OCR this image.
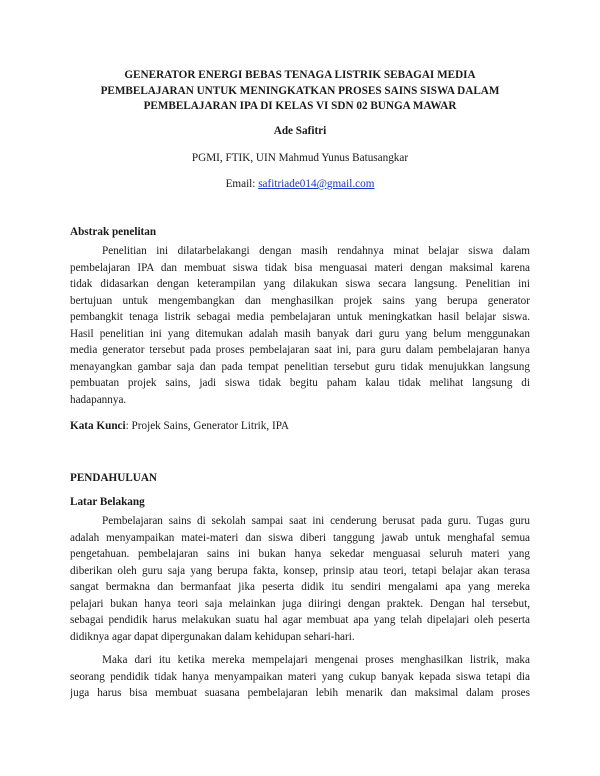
GENERATOR ENERGI BEBAS TENAGA LISTRIK SEBAGAI MEDIA
PEMBELAJARAN UNTUK MENINGKATKAN PROSES SAINS SISWA DALAM
PEMBELAJARAN IPA DI KELAS VI SDN 02 BUNGA MAWAR
Ade Safitri
PGMI, FTIK, UIN Mahmud Yunus Batusangkar
Email: safitriade014@gmail.com
Abstrak penelitan
Penelitian ini dilatarbelakangi dengan masih rendahnya minat belajar siswa dalam
pembelajaran IPA dan membuat siswa tidak bisa menguasai materi dengan maksimal karena
tidak didasarkan dengan keterampilan yang dilakukan siswa secara langsung. Penelitian ini
bertujuan untuk mengembangkan dan menghasilkan projek sains yang berupa generator
pembangkit tenaga listrik sebagai media pembelajaran untuk meningkatkan hasil belajar siswa.
Hasil penelitian ini yang ditemukan adalah masih banyak dari guru yang belum menggunakan
media generator tersebut pada proses pembelajaran saat ini, para guru dalam pembelajaran hanya
menayangkan gambar saja dan pada tempat penelitian tersebut guru tidak menujukkan langsung
pembuatan projek sains, jadi siswa tidak begitu paham kalau tidak melihat langsung di
hadapannya.
Kata Kunci: Projek Sains, Generator Litrik, IPA
PENDAHULUAN
Latar Belakang
Pembelajaran sains di sekolah sampai saat ini cenderung berusat pada guru. Tugas guru
adalah menyampaikan matei-materi dan siswa diberi tanggung jawab untuk menghafal semua
pengetahuan. pembelajaran sains ini bukan hanya sekedar menguasai seluruh materi yang
diberikan oleh guru saja yang berupa fakta, konsep, prinsip atau teori, tetapi belajar akan terasa
sangat bermakna dan bermanfaat jika peserta didik itu sendiri mengalami apa yang mereka
pelajari bukan hanya teori saja melainkan juga diiringi dengan praktek. Dengan hal tersebut,
sebagai pendidik harus melakukan suatu hal agar membuat apa yang telah dipelajari oleh peserta
didiknya agar dapat dipergunakan dalam kehidupan sehari-hari.
Maka dari itu ketika mereka mempelajari mengenai proses menghasilkan listrik, maka
seorang pendidik tidak hanya menyampaikan materi yang cukup banyak kepada siswa tetapi dia
juga harus bisa membuat suasana pembelajaran lebih menarik dan maksimal dalam proses
